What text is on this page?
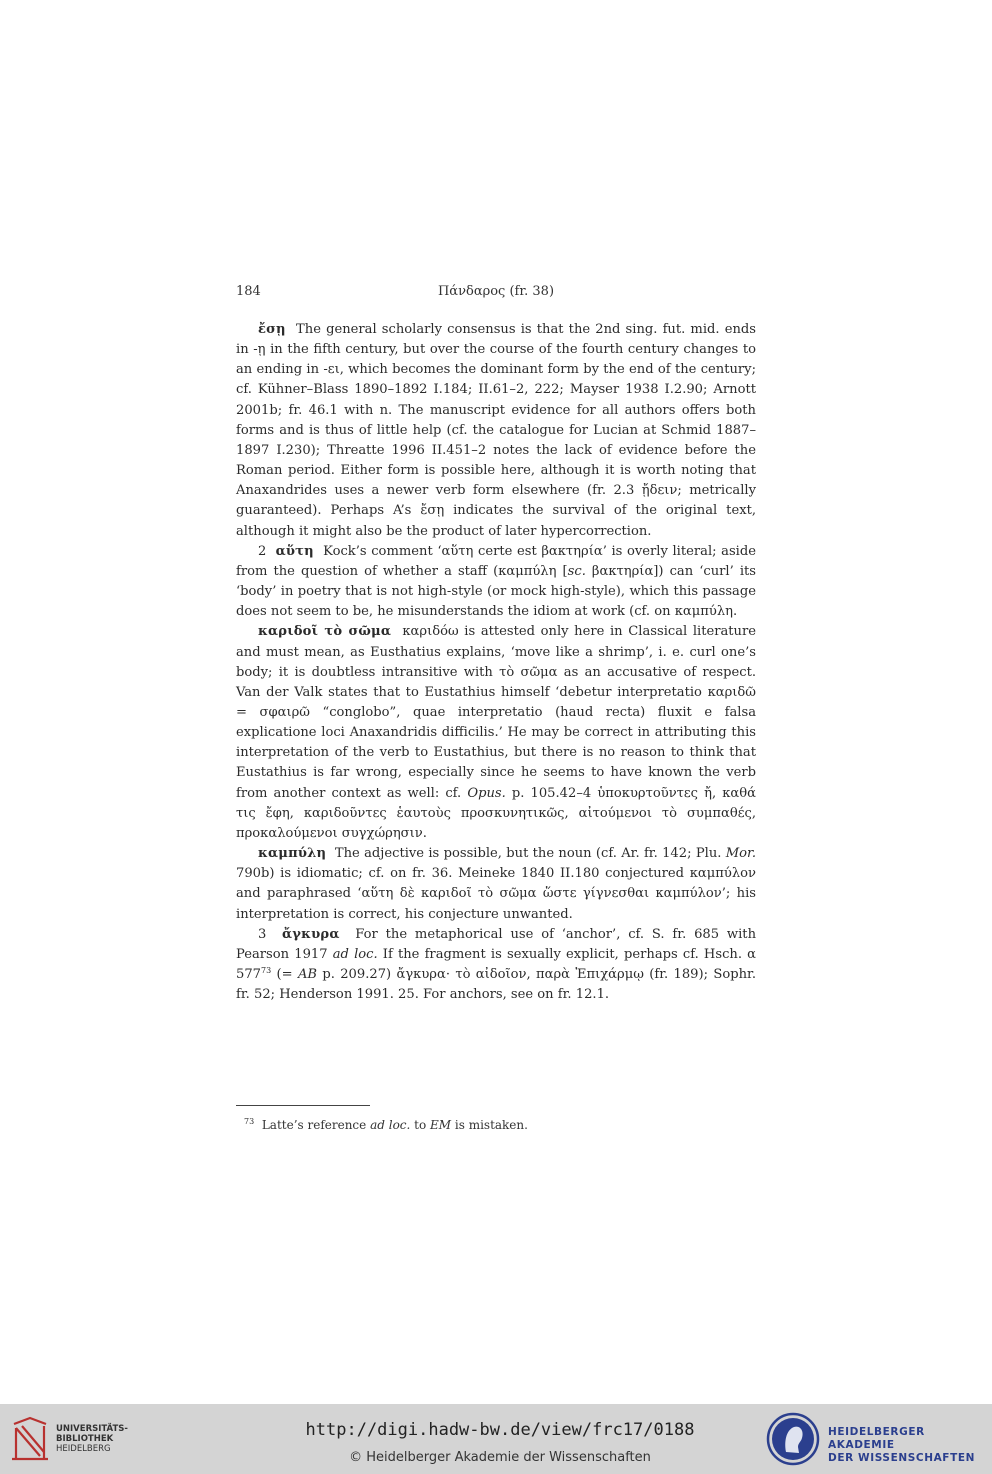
184	Πάνδαρος (fr. 38)

ἔσῃ The general scholarly consensus is that the 2nd sing. fut. mid. ends in -ῃ in the fifth century, but over the course of the fourth century changes to an ending in -ει, which becomes the dominant form by the end of the century; cf. Kühner–Blass 1890–1892 I.184; II.61–2, 222; Mayser 1938 I.2.90; Arnott 2001b; fr. 46.1 with n. The manuscript evidence for all authors offers both forms and is thus of little help (cf. the catalogue for Lucian at Schmid 1887–1897 I.230); Threatte 1996 II.451–2 notes the lack of evidence before the Roman period. Either form is possible here, although it is worth noting that Anaxandrides uses a newer verb form elsewhere (fr. 2.3 ᾔδειν; metrically guaranteed). Perhaps A’s ἔσῃ indicates the survival of the original text, although it might also be the product of later hypercorrection.

2 αὕτη Kock’s comment ‘αὕτη certe est βακτηρία’ is overly literal; aside from the question of whether a staff (καμπύλη [sc. βακτηρία]) can ‘curl’ its ‘body’ in poetry that is not high-style (or mock high-style), which this passage does not seem to be, he misunderstands the idiom at work (cf. on καμπύλη.

καριδοῖ τὸ σῶμα καριδόω is attested only here in Classical literature and must mean, as Eusthatius explains, ‘move like a shrimp’, i. e. curl one’s body; it is doubtless intransitive with τὸ σῶμα as an accusative of respect. Van der Valk states that to Eustathius himself ‘debetur interpretatio καριδῶ = σφαιρῶ “conglobo”, quae interpretatio (haud recta) fluxit e falsa explicatione loci Anaxandridis difficilis.’ He may be correct in attributing this interpretation of the verb to Eustathius, but there is no reason to think that Eustathius is far wrong, especially since he seems to have known the verb from another context as well: cf. Opus. p. 105.42–4 ὑποκυρτοῦντες ἤ, καθά τις ἔφη, καριδοῦντες ἑαυτοὺς προσκυνητικῶς, αἰτούμενοι τὸ συμπαθές, προκαλούμενοι συγχώρησιν.

καμπύλη The adjective is possible, but the noun (cf. Ar. fr. 142; Plu. Mor. 790b) is idiomatic; cf. on fr. 36. Meineke 1840 II.180 conjectured καμπύλον and paraphrased ‘αὕτη δὲ καριδοῖ τὸ σῶμα ὥστε γίγνεσθαι καμπύλον’; his interpretation is correct, his conjecture unwanted.

3 ἄγκυρα For the metaphorical use of ‘anchor’, cf. S. fr. 685 with Pearson 1917 ad loc. If the fragment is sexually explicit, perhaps cf. Hsch. α $577^{73}$ (= AB p. 209.27) ἄγκυρα· τὸ αἰδοῖον, παρὰ Ἐπιχάρμῳ (fr. 189); Sophr. fr. 52; Henderson 1991. 25. For anchors, see on fr. 12.1.

$^{73}$ Latte’s reference ad loc. to EM is mistaken.
UNIVERSITÄTS-
BIBLIOTHEK
HEIDELBERG
http://digi.hadw-bw.de/view/frc17/0188
© Heidelberger Akademie der Wissenschaften
HEIDELBERGER AKADEMIE
DER WISSENSCHAFTEN
